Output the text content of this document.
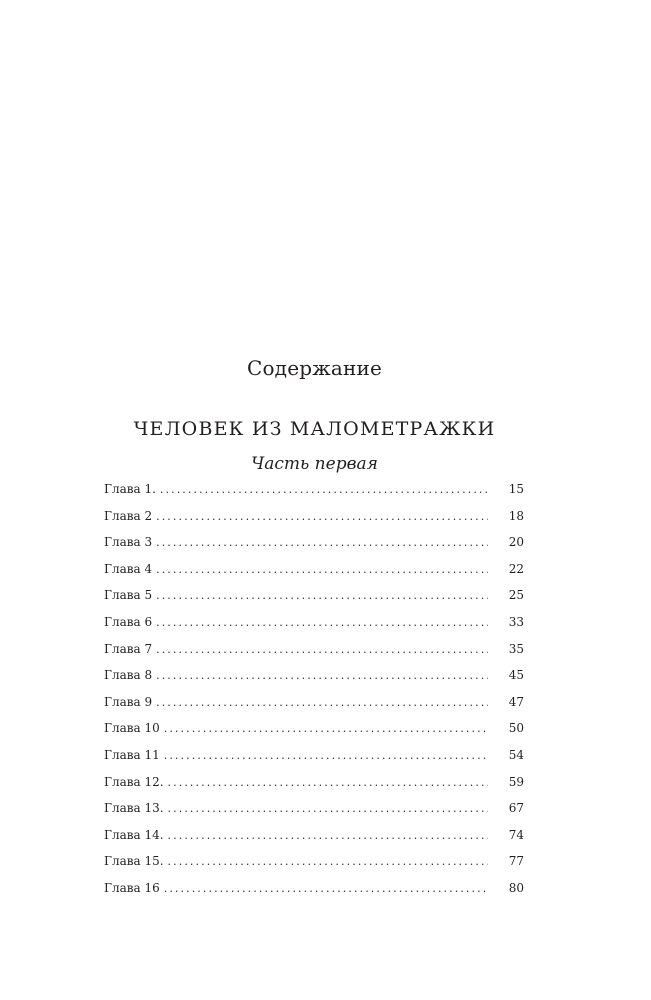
Содержание
ЧЕЛОВЕК ИЗ МАЛОМЕТРАЖКИ
Часть первая
Глава 1. .....	15
Глава 2 .....	18
Глава 3 .....	20
Глава 4 .....	22
Глава 5 .....	25
Глава 6 .....	33
Глава 7 .....	35
Глава 8 .....	45
Глава 9 .....	47
Глава 10 .....	50
Глава 11 .....	54
Глава 12. .....	59
Глава 13. .....	67
Глава 14. .....	74
Глава 15. .....	77
Глава 16 .....	80
